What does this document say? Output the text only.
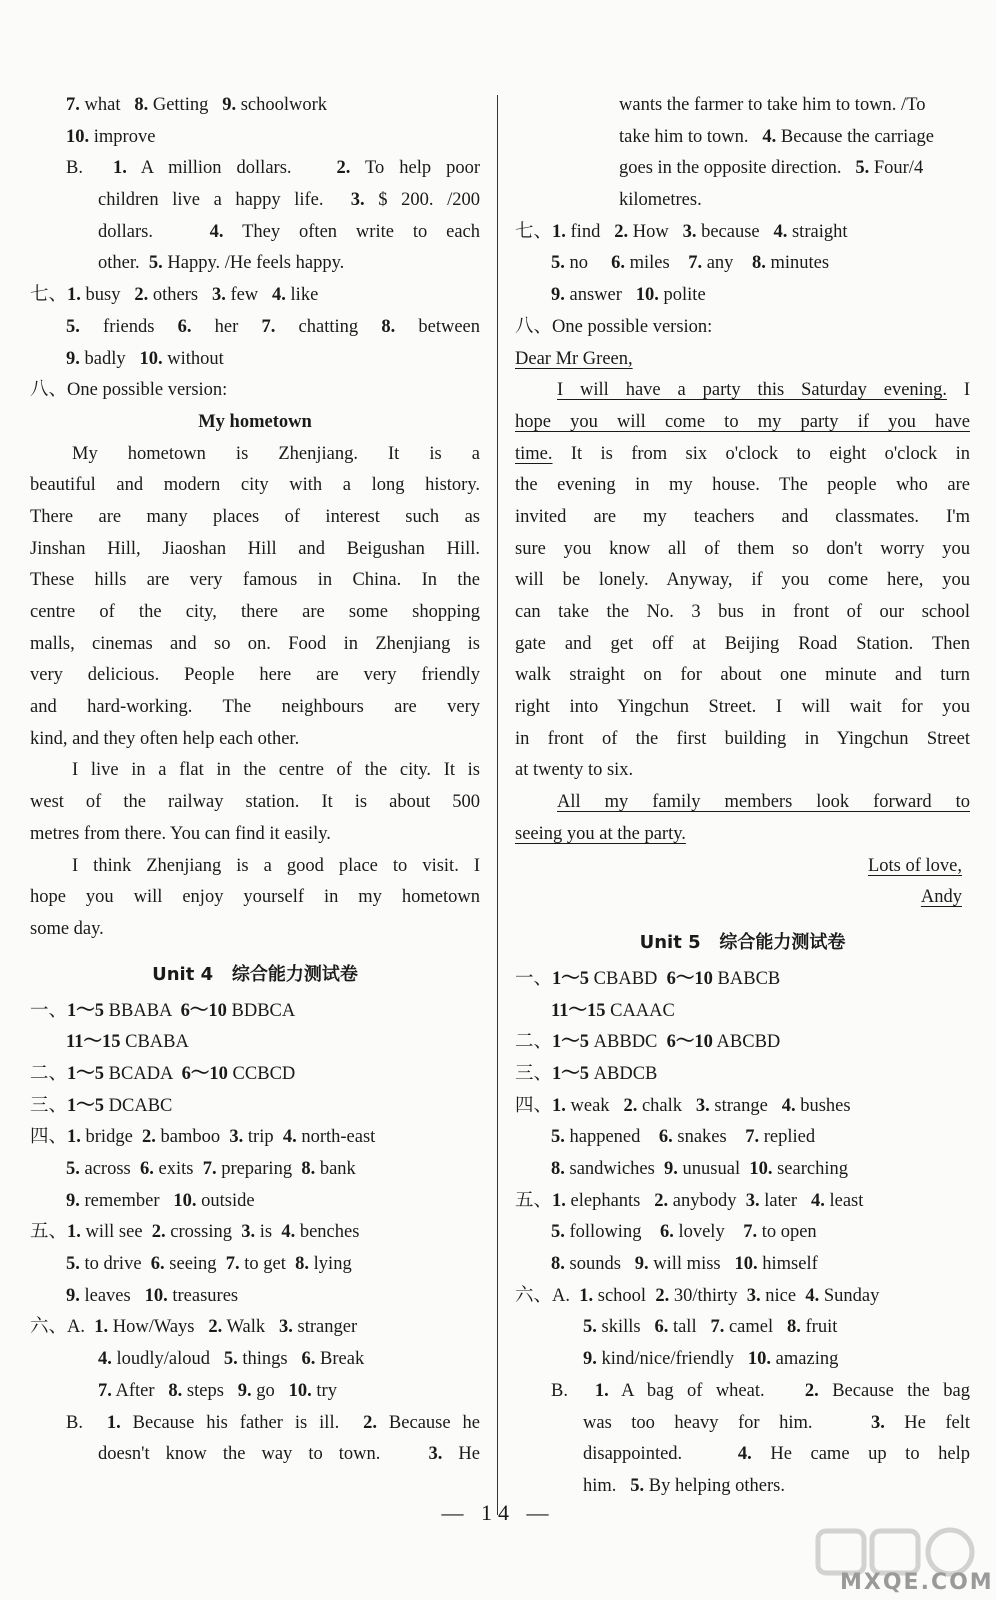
7. what   8. Getting   9. schoolwork
10. improve
B.  1. A million dollars.   2. To help poor
children live a happy life.  3. $ 200. /200
dollars.   4. They often write to each
other.  5. Happy. /He feels happy.
七、1. busy   2. others   3. few   4. like
5. friends 6. her 7. chatting 8. between
9. badly   10. without
八、One possible version:
My hometown
My hometown is Zhenjiang. It is a
beautiful and modern city with a long history.
There are many places of interest such as
Jinshan Hill, Jiaoshan Hill and Beigushan Hill.
These hills are very famous in China. In the
centre of the city, there are some shopping
malls, cinemas and so on. Food in Zhenjiang is
very delicious. People here are very friendly
and hard-working. The neighbours are very
kind, and they often help each other.
I live in a flat in the centre of the city. It is
west of the railway station. It is about 500
metres from there. You can find it easily.
I think Zhenjiang is a good place to visit. I
hope you will enjoy yourself in my hometown
some day.
Unit 4   综合能力测试卷
一、1～5 BBABA  6～10 BDBCA
11～15 CBABA
二、1～5 BCADA  6～10 CCBCD
三、1～5 DCABC
四、1. bridge  2. bamboo  3. trip  4. north-east
5. across  6. exits  7. preparing  8. bank
9. remember   10. outside
五、1. will see  2. crossing  3. is  4. benches
5. to drive  6. seeing  7. to get  8. lying
9. leaves   10. treasures
六、A.  1. How/Ways   2. Walk   3. stranger
4. loudly/aloud   5. things   6. Break
7. After   8. steps   9. go   10. try
B.  1. Because his father is ill.  2. Because he
doesn't know the way to town.   3. He
wants the farmer to take him to town. /To
take him to town.   4. Because the carriage
goes in the opposite direction.   5. Four/4
kilometres.
七、1. find   2. How   3. because   4. straight
5. no     6. miles    7. any    8. minutes
9. answer   10. polite
八、One possible version:
Dear Mr Green,
I will have a party this Saturday evening. I
hope you will come to my party if you have
time. It is from six o'clock to eight o'clock in
the evening in my house. The people who are
invited are my teachers and classmates. I'm
sure you know all of them so don't worry you
will be lonely. Anyway, if you come here, you
can take the No. 3 bus in front of our school
gate and get off at Beijing Road Station. Then
walk straight on for about one minute and turn
right into Yingchun Street. I will wait for you
in front of the first building in Yingchun Street
at twenty to six.
All my family members look forward to
seeing you at the party.
Lots of love,
Andy
Unit 5   综合能力测试卷
一、1～5 CBABD  6～10 BABCB
11～15 CAAAC
二、1～5 ABBDC  6～10 ABCBD
三、1～5 ABDCB
四、1. weak   2. chalk   3. strange   4. bushes
5. happened    6. snakes    7. replied
8. sandwiches  9. unusual  10. searching
五、1. elephants   2. anybody  3. later   4. least
5. following    6. lovely    7. to open
8. sounds   9. will miss   10. himself
六、A.  1. school  2. 30/thirty  3. nice  4. Sunday
5. skills   6. tall   7. camel   8. fruit
9. kind/nice/friendly   10. amazing
B.  1. A bag of wheat.   2. Because the bag
was too heavy for him.   3. He felt
disappointed.   4. He came up to help
him.   5. By helping others.
— 14 —
MXQE.COM
